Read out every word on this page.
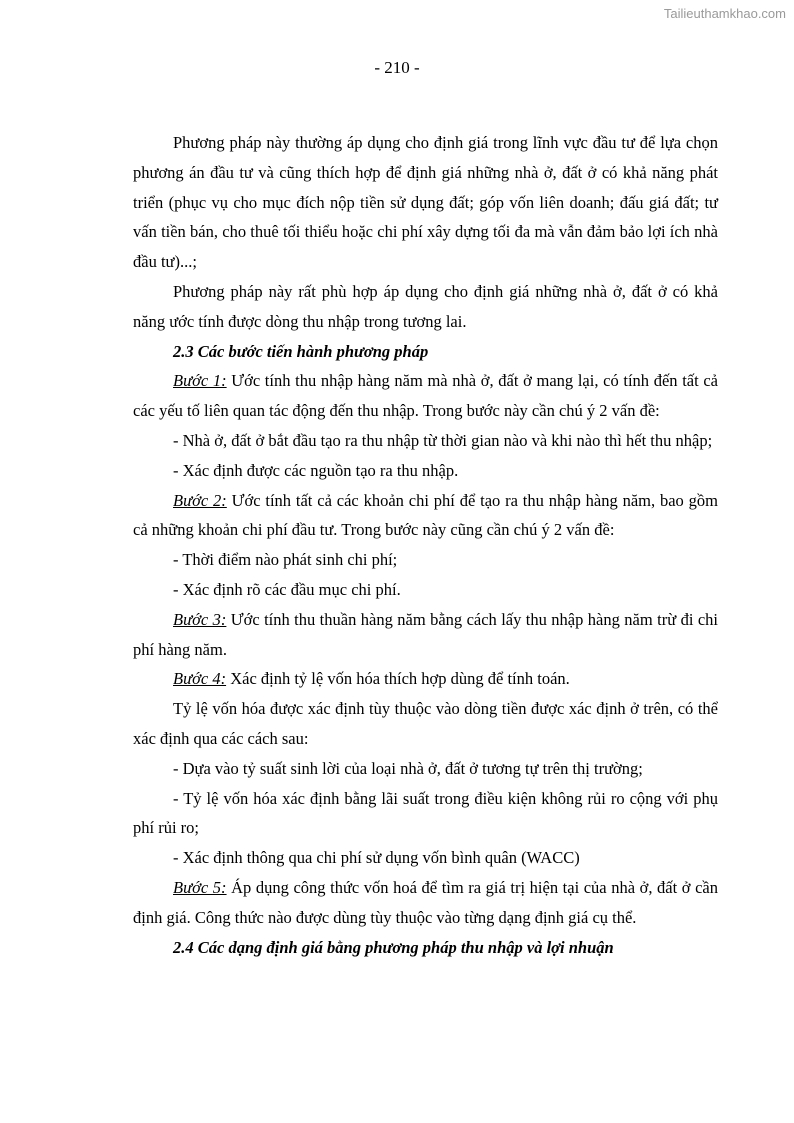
Tailieuthamkhao.com
- 210 -

Phương pháp này thường áp dụng cho định giá trong lĩnh vực đầu tư để lựa chọn phương án đầu tư và cũng thích hợp để định giá những nhà ở, đất ở có khả năng phát triển (phục vụ cho mục đích nộp tiền sử dụng đất; góp vốn liên doanh; đấu giá đất; tư vấn tiền bán, cho thuê tối thiểu hoặc chi phí xây dựng tối đa mà vẫn đảm bảo lợi ích nhà đầu tư)...;

Phương pháp này rất phù hợp áp dụng cho định giá những nhà ở, đất ở có khả năng ước tính được dòng thu nhập trong tương lai.

2.3 Các bước tiến hành phương pháp

Bước 1: Ước tính thu nhập hàng năm mà nhà ở, đất ở mang lại, có tính đến tất cả các yếu tố liên quan tác động đến thu nhập. Trong bước này cần chú ý 2 vấn đề:

- Nhà ở, đất ở bắt đầu tạo ra thu nhập từ thời gian nào và khi nào thì hết thu nhập;

- Xác định được các nguồn tạo ra thu nhập.

Bước 2: Ước tính tất cả các khoản chi phí để tạo ra thu nhập hàng năm, bao gồm cả những khoản chi phí đầu tư. Trong bước này cũng cần chú ý 2 vấn đề:

- Thời điểm nào phát sinh chi phí;

- Xác định rõ các đầu mục chi phí.

Bước 3: Ước tính thu thuần hàng năm bằng cách lấy thu nhập hàng năm trừ đi chi phí hàng năm.

Bước 4: Xác định tỷ lệ vốn hóa thích hợp dùng để tính toán.

Tỷ lệ vốn hóa được xác định tùy thuộc vào dòng tiền được xác định ở trên, có thể xác định qua các cách sau:

- Dựa vào tỷ suất sinh lời của loại nhà ở, đất ở tương tự trên thị trường;

- Tỷ lệ vốn hóa xác định bằng lãi suất trong điều kiện không rủi ro cộng với phụ phí rủi ro;

- Xác định thông qua chi phí sử dụng vốn bình quân (WACC)

Bước 5: Áp dụng công thức vốn hoá để tìm ra giá trị hiện tại của nhà ở, đất ở cần định giá. Công thức nào được dùng tùy thuộc vào từng dạng định giá cụ thể.

2.4 Các dạng định giá bằng phương pháp thu nhập và lợi nhuận
